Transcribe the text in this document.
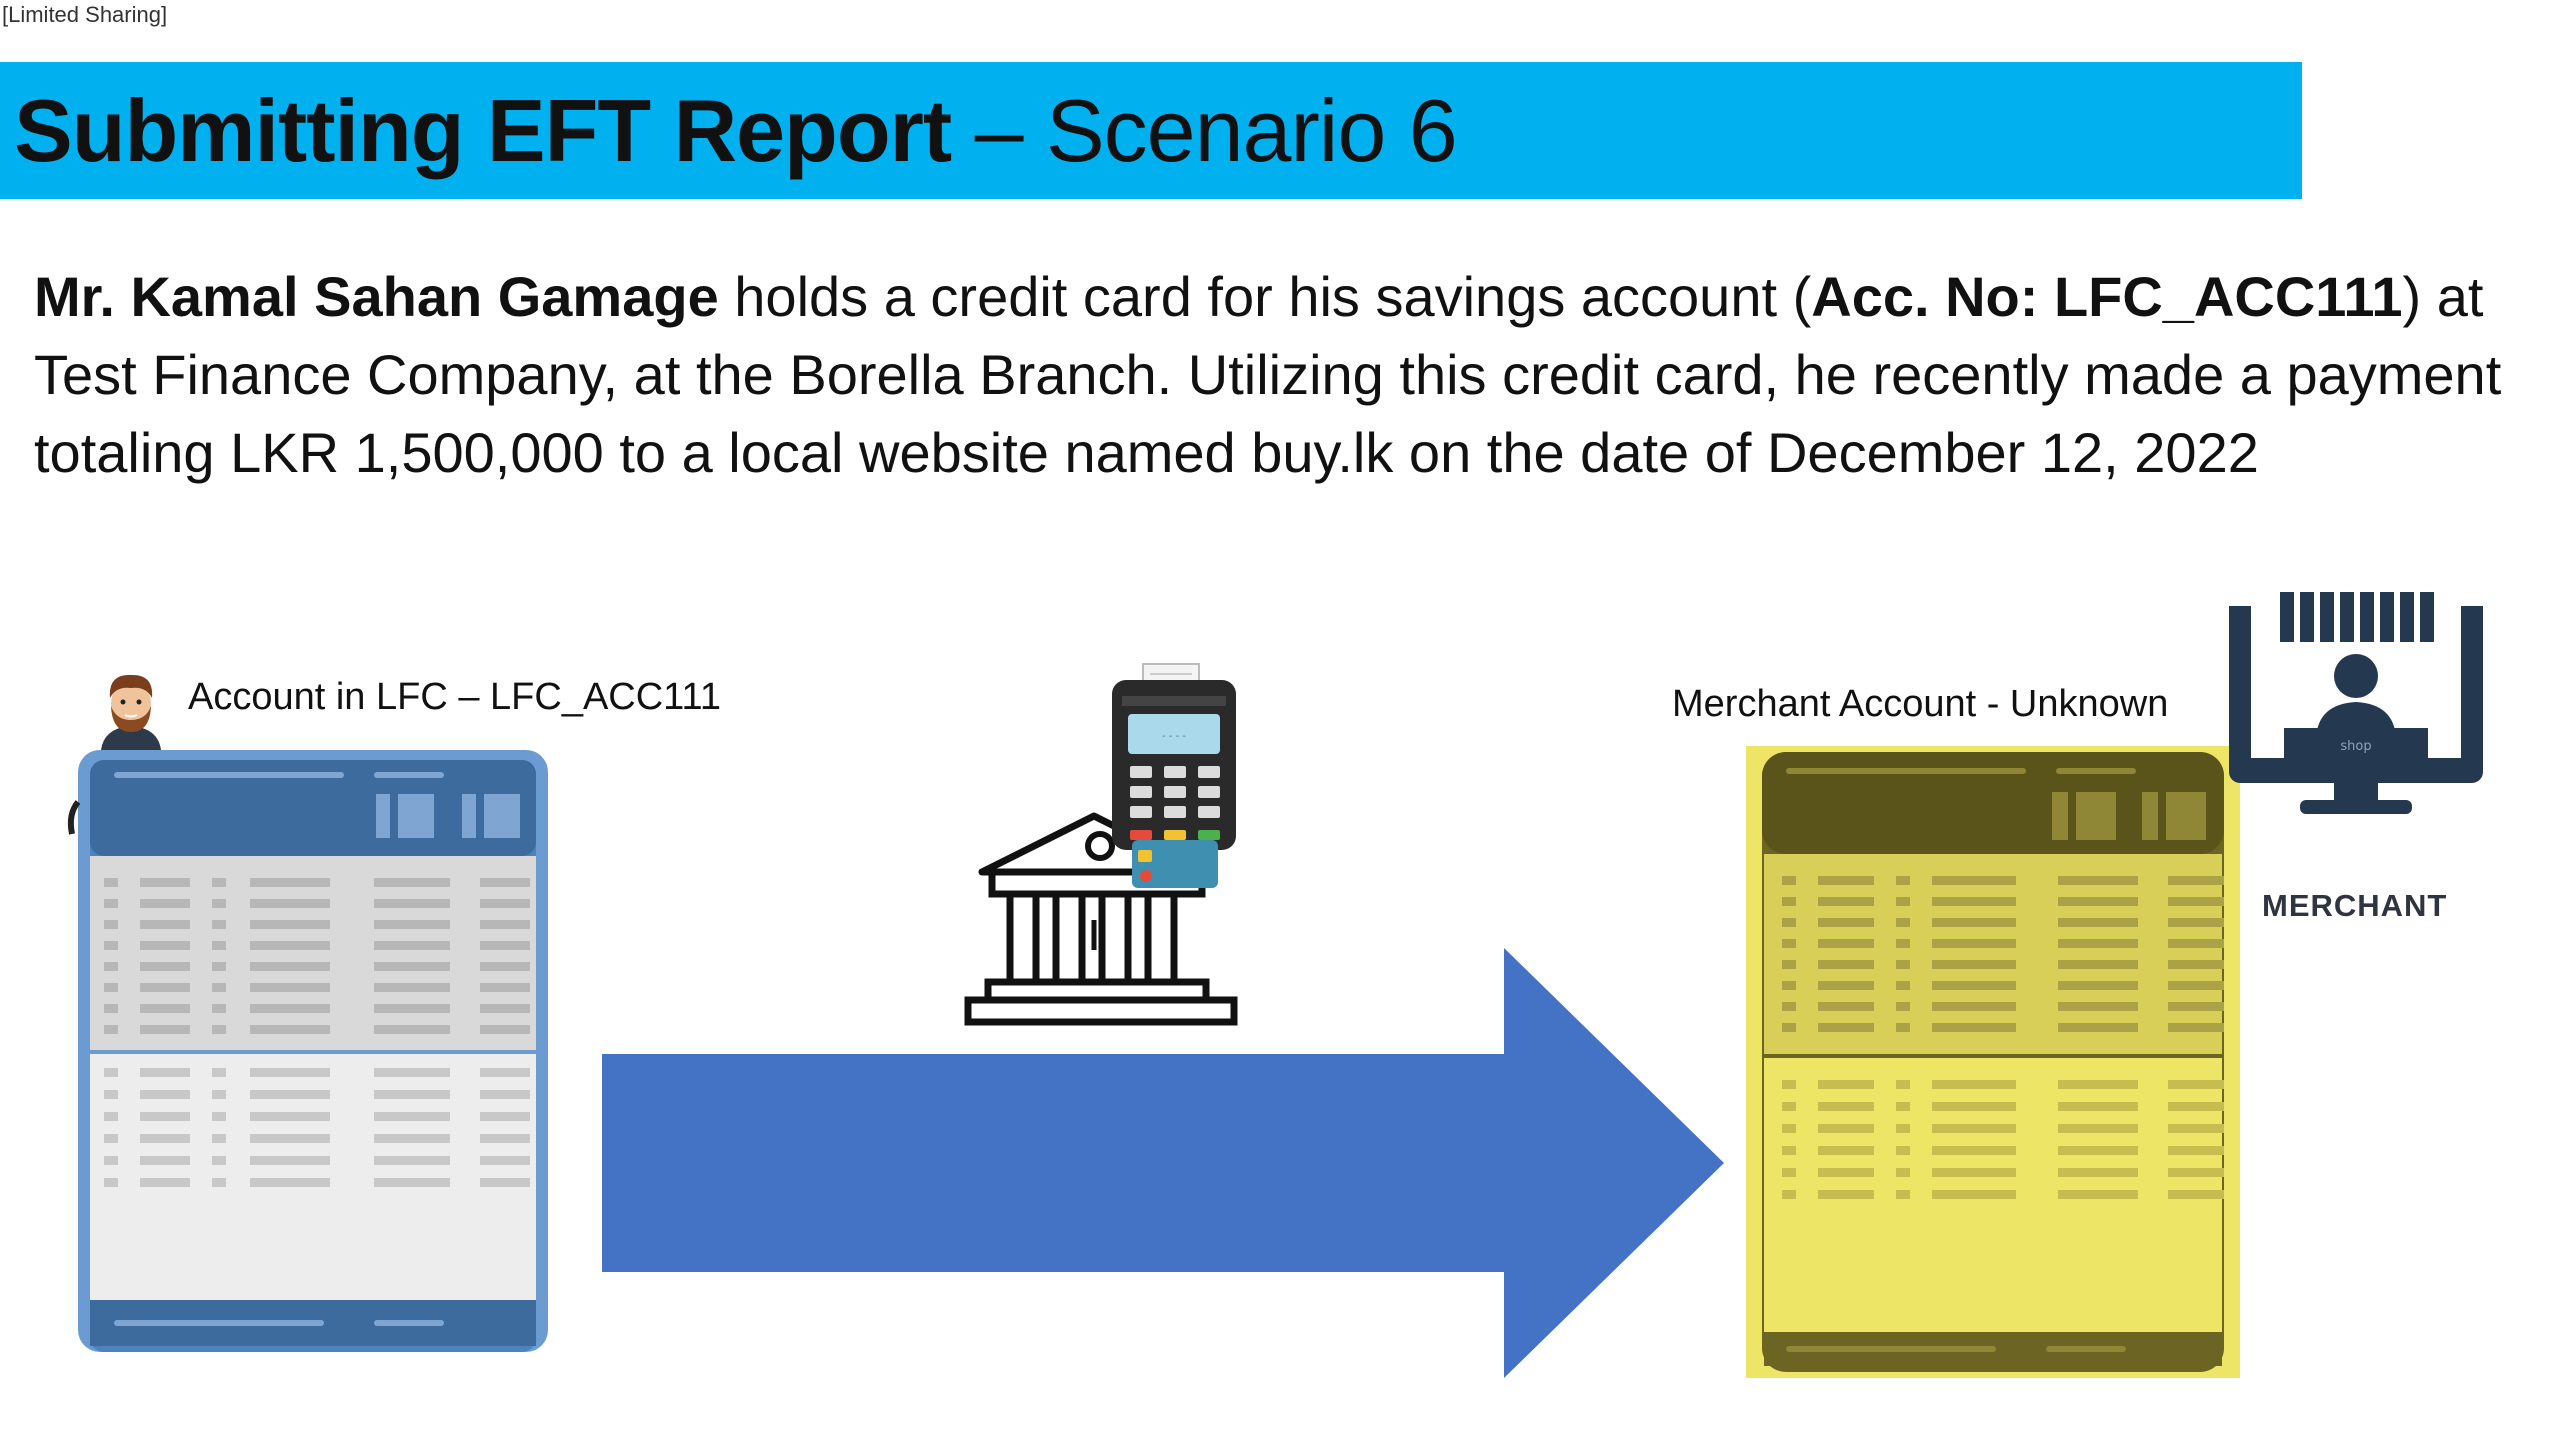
[Limited Sharing]
Submitting EFT Report – Scenario 6
Mr. Kamal Sahan Gamage holds a credit card for his savings account (Acc. No: LFC_ACC111) at Test Finance Company, at the Borella Branch. Utilizing this credit card, he recently made a payment totaling LKR 1,500,000 to a local website named buy.lk on the date of December 12, 2022
Account in LFC – LFC_ACC111
- - - -
Merchant Account - Unknown
shop
MERCHANT
